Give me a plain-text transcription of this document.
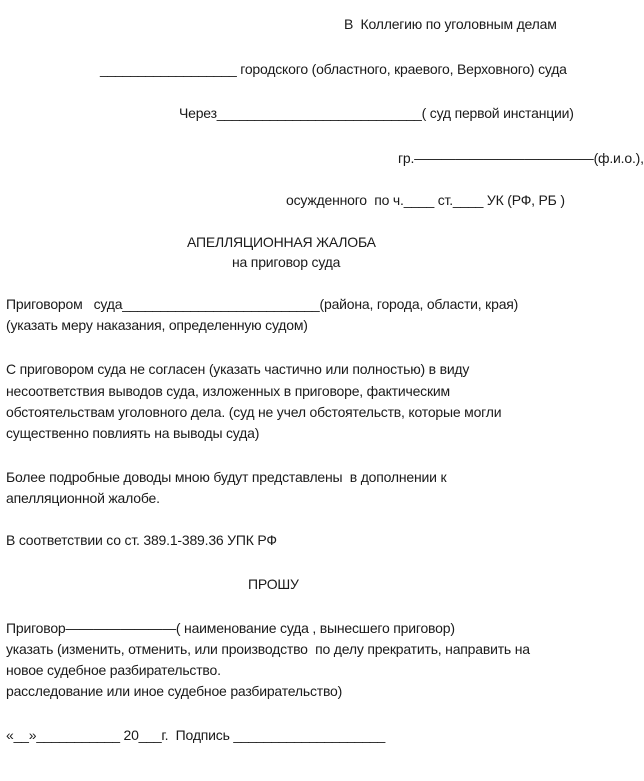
В  Коллегию по уголовным делам
__________________ городского (областного, краевого, Верховного) суда
Через___________________________( суд первой инстанции)
гр.—————————————(ф.и.о.),
осужденного  по ч.____ ст.____ УК (РФ, РБ )
АПЕЛЛЯЦИОННАЯ ЖАЛОБА
на приговор суда
Приговором   суда__________________________(района, города, области, края)
(указать меру наказания, определенную судом)
С приговором суда не согласен (указать частично или полностью) в виду
несоответствия выводов суда, изложенных в приговоре, фактическим
обстоятельствам уголовного дела. (суд не учел обстоятельств, которые могли
существенно повлиять на выводы суда)
Более подробные доводы мною будут представлены  в дополнении к
апелляционной жалобе.
В соответствии со ст. 389.1-389.36 УПК РФ
ПРОШУ
Приговор————————( наименование суда , вынесшего приговор)
указать (изменить, отменить, или производство  по делу прекратить, направить на
новое судебное разбирательство.
расследование или иное судебное разбирательство)
«__»___________ 20___г.  Подпись ____________________
